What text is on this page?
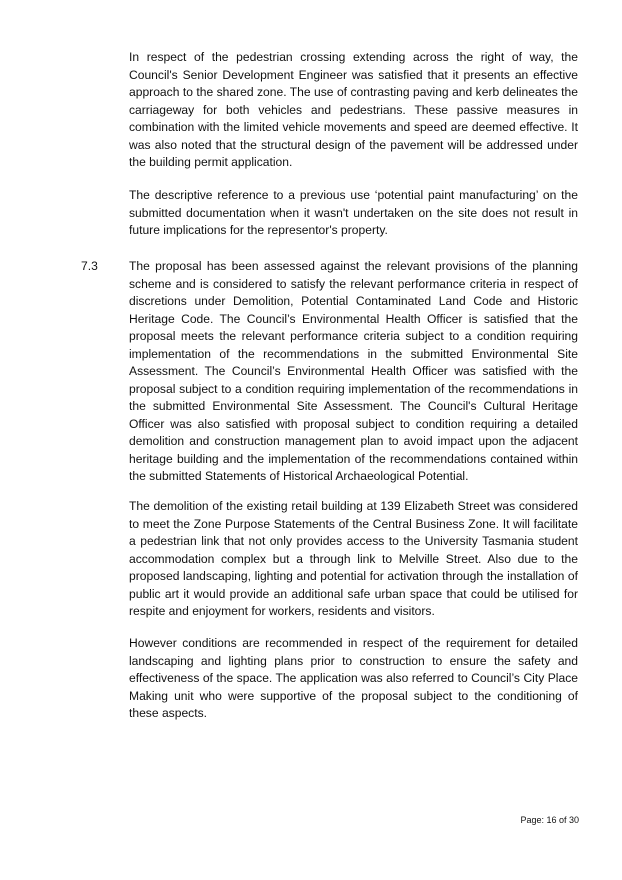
In respect of the pedestrian crossing extending across the right of way, the Council's Senior Development Engineer was satisfied that it presents an effective approach to the shared zone. The use of contrasting paving and kerb delineates the carriageway for both vehicles and pedestrians. These passive measures in combination with the limited vehicle movements and speed are deemed effective. It was also noted that the structural design of the pavement will be addressed under the building permit application.

The descriptive reference to a previous use ‘potential paint manufacturing’ on the submitted documentation when it wasn't undertaken on the site does not result in future implications for the representor's property.

7.3	The proposal has been assessed against the relevant provisions of the planning scheme and is considered to satisfy the relevant performance criteria in respect of discretions under Demolition, Potential Contaminated Land Code and Historic Heritage Code. The Council’s Environmental Health Officer is satisfied that the proposal meets the relevant performance criteria subject to a condition requiring implementation of the recommendations in the submitted Environmental Site Assessment. The Council’s Environmental Health Officer was satisfied with the proposal subject to a condition requiring implementation of the recommendations in the submitted Environmental Site Assessment. The Council's Cultural Heritage Officer was also satisfied with proposal subject to condition requiring a detailed demolition and construction management plan to avoid impact upon the adjacent heritage building and the implementation of the recommendations contained within the submitted Statements of Historical Archaeological Potential.

The demolition of the existing retail building at 139 Elizabeth Street was considered to meet the Zone Purpose Statements of the Central Business Zone. It will facilitate a pedestrian link that not only provides access to the University Tasmania student accommodation complex but a through link to Melville Street. Also due to the proposed landscaping, lighting and potential for activation through the installation of public art it would provide an additional safe urban space that could be utilised for respite and enjoyment for workers, residents and visitors.

However conditions are recommended in respect of the requirement for detailed landscaping and lighting plans prior to construction to ensure the safety and effectiveness of the space. The application was also referred to Council’s City Place Making unit who were supportive of the proposal subject to the conditioning of these aspects.

Page: 16 of 30
